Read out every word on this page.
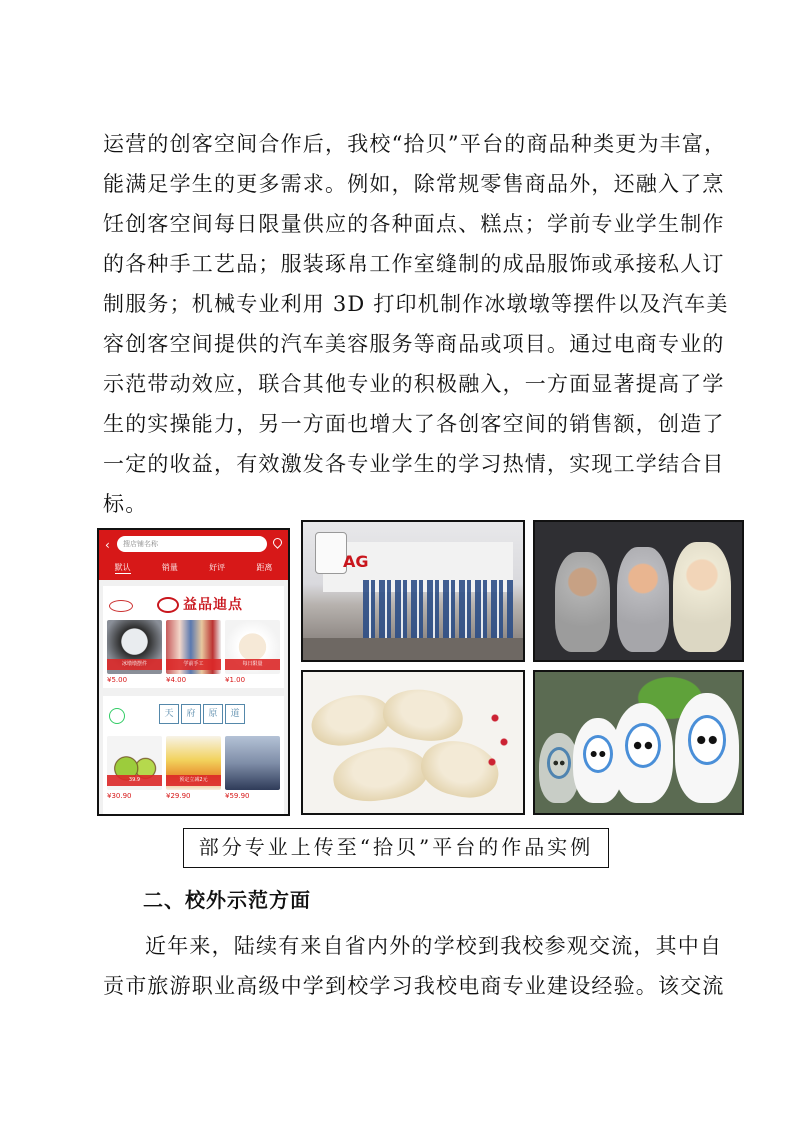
运营的创客空间合作后，我校“拾贝”平台的商品种类更为丰富，
能满足学生的更多需求。例如，除常规零售商品外，还融入了烹
饪创客空间每日限量供应的各种面点、糕点；学前专业学生制作
的各种手工艺品；服装琢帛工作室缝制的成品服饰或承接私人订
制服务；机械专业利用 3D 打印机制作冰墩墩等摆件以及汽车美
容创客空间提供的汽车美容服务等商品或项目。通过电商专业的
示范带动效应，联合其他专业的积极融入，一方面显著提高了学
生的实操能力，另一方面也增大了各创客空间的销售额，创造了
一定的收益，有效激发各专业学生的学习热情，实现工学结合目
标。
‹	搜店铺名称
默认	销量	好评	距离
益品迪点
冰墩墩摆件
¥5.00
学前手工
¥4.00
每日限量
¥1.00
天	府	原	道
39.9
¥30.90
预定立减2元
¥29.90	¥59.90
AG
部分专业上传至“拾贝”平台的作品实例
二、校外示范方面
近年来，陆续有来自省内外的学校到我校参观交流，其中自
贡市旅游职业高级中学到校学习我校电商专业建设经验。该交流
